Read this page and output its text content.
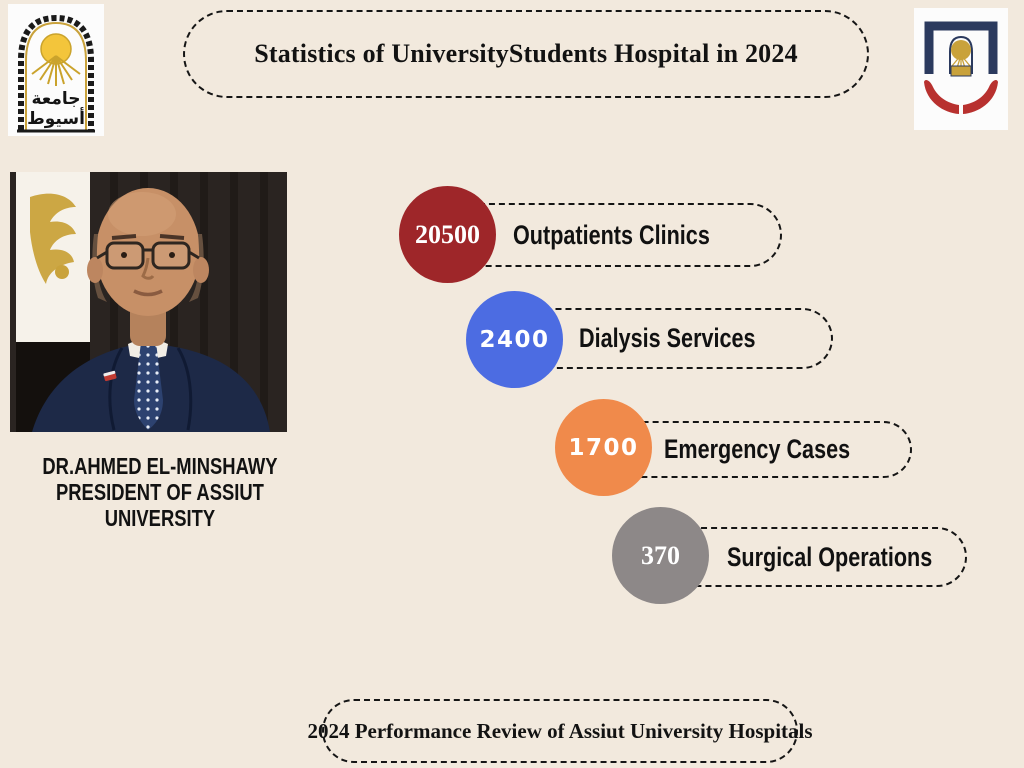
جامعة
أسيوط
Statistics of UniversityStudents Hospital in 2024
DR.AHMED EL-MINSHAWY
PRESIDENT OF ASSIUT
UNIVERSITY
Outpatients Clinics
20500
Dialysis Services
2400
Emergency Cases
1700
Surgical Operations
370
2024 Performance Review of Assiut University Hospitals
